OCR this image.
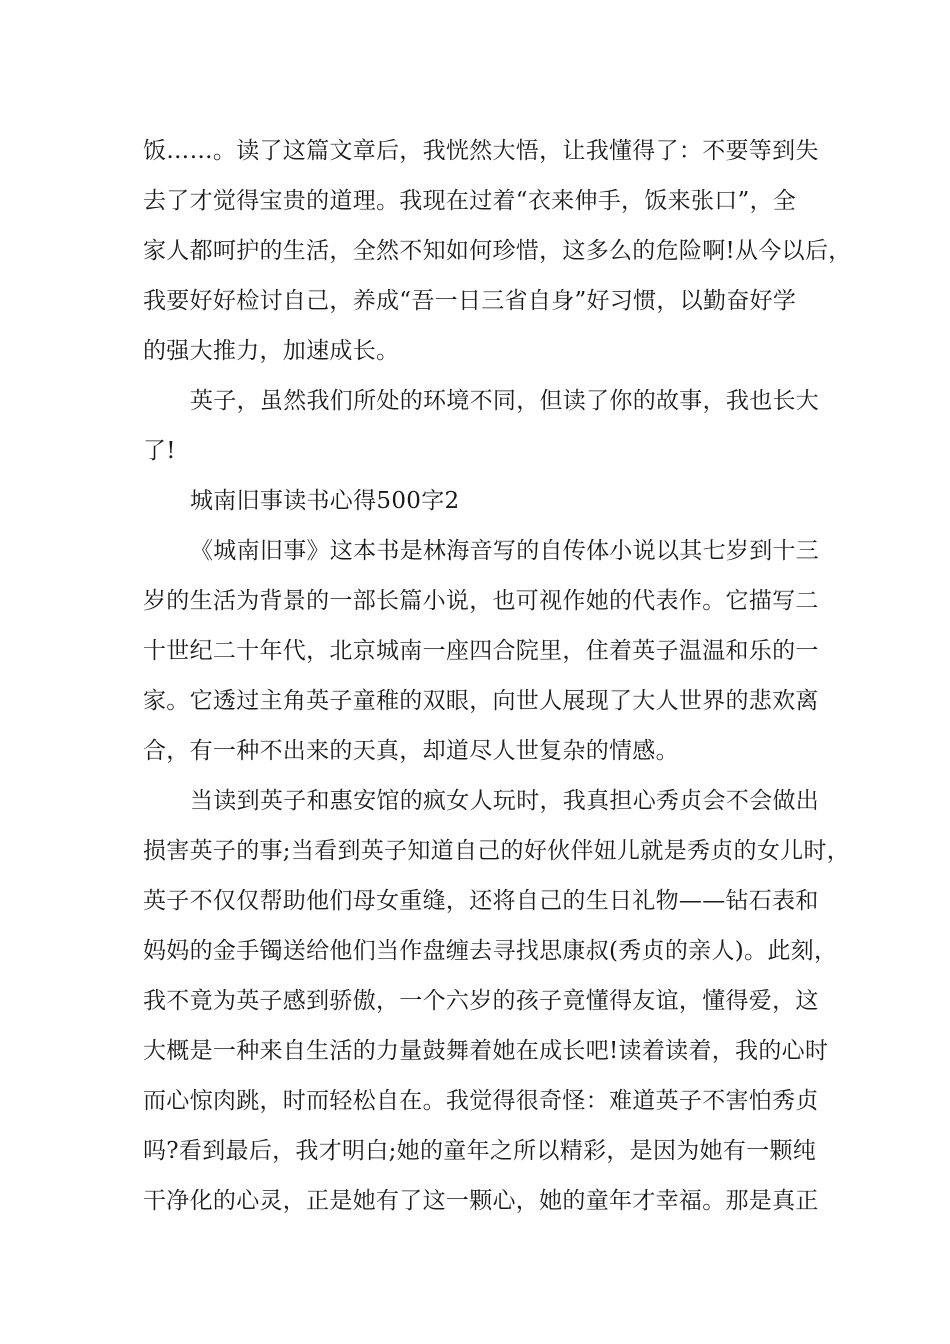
饭……。读了这篇文章后，我恍然大悟，让我懂得了：不要等到失
去了才觉得宝贵的道理。我现在过着“衣来伸手，饭来张口”，全
家人都呵护的生活，全然不知如何珍惜，这多么的危险啊!从今以后，
我要好好检讨自己，养成“吾一日三省自身”好习惯，以勤奋好学
的强大推力，加速成长。
英子，虽然我们所处的环境不同，但读了你的故事，我也长大
了!
城南旧事读书心得500字2
《城南旧事》这本书是林海音写的自传体小说以其七岁到十三
岁的生活为背景的一部长篇小说，也可视作她的代表作。它描写二
十世纪二十年代，北京城南一座四合院里，住着英子温温和乐的一
家。它透过主角英子童稚的双眼，向世人展现了大人世界的悲欢离
合，有一种不出来的天真，却道尽人世复杂的情感。
当读到英子和惠安馆的疯女人玩时，我真担心秀贞会不会做出
损害英子的事;当看到英子知道自己的好伙伴妞儿就是秀贞的女儿时，
英子不仅仅帮助他们母女重缝，还将自己的生日礼物——钻石表和
妈妈的金手镯送给他们当作盘缠去寻找思康叔(秀贞的亲人)。此刻，
我不竟为英子感到骄傲，一个六岁的孩子竟懂得友谊，懂得爱，这
大概是一种来自生活的力量鼓舞着她在成长吧!读着读着，我的心时
而心惊肉跳，时而轻松自在。我觉得很奇怪：难道英子不害怕秀贞
吗?看到最后，我才明白;她的童年之所以精彩，是因为她有一颗纯
干净化的心灵，正是她有了这一颗心，她的童年才幸福。那是真正
